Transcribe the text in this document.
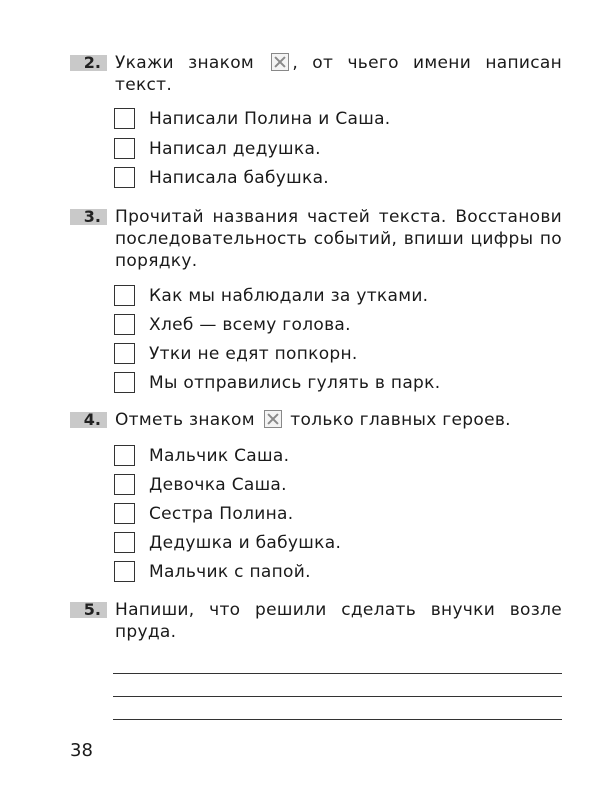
2. Укажи знаком , от чьего имени написан текст.

Написали Полина и Саша.
Написал дедушка.
Написала бабушка.
3. Прочитай названия частей текста. Восстанови последовательность событий, впиши цифры по порядку.

Как мы наблюдали за утками.
Хлеб — всему голова.
Утки не едят попкорн.
Мы отправились гулять в парк.
4. Отметь знаком только главных героев.

Мальчик Саша.
Девочка Саша.
Сестра Полина.
Дедушка и бабушка.
Мальчик с папой.
5. Напиши, что решили сделать внучки возле пруда.

38
